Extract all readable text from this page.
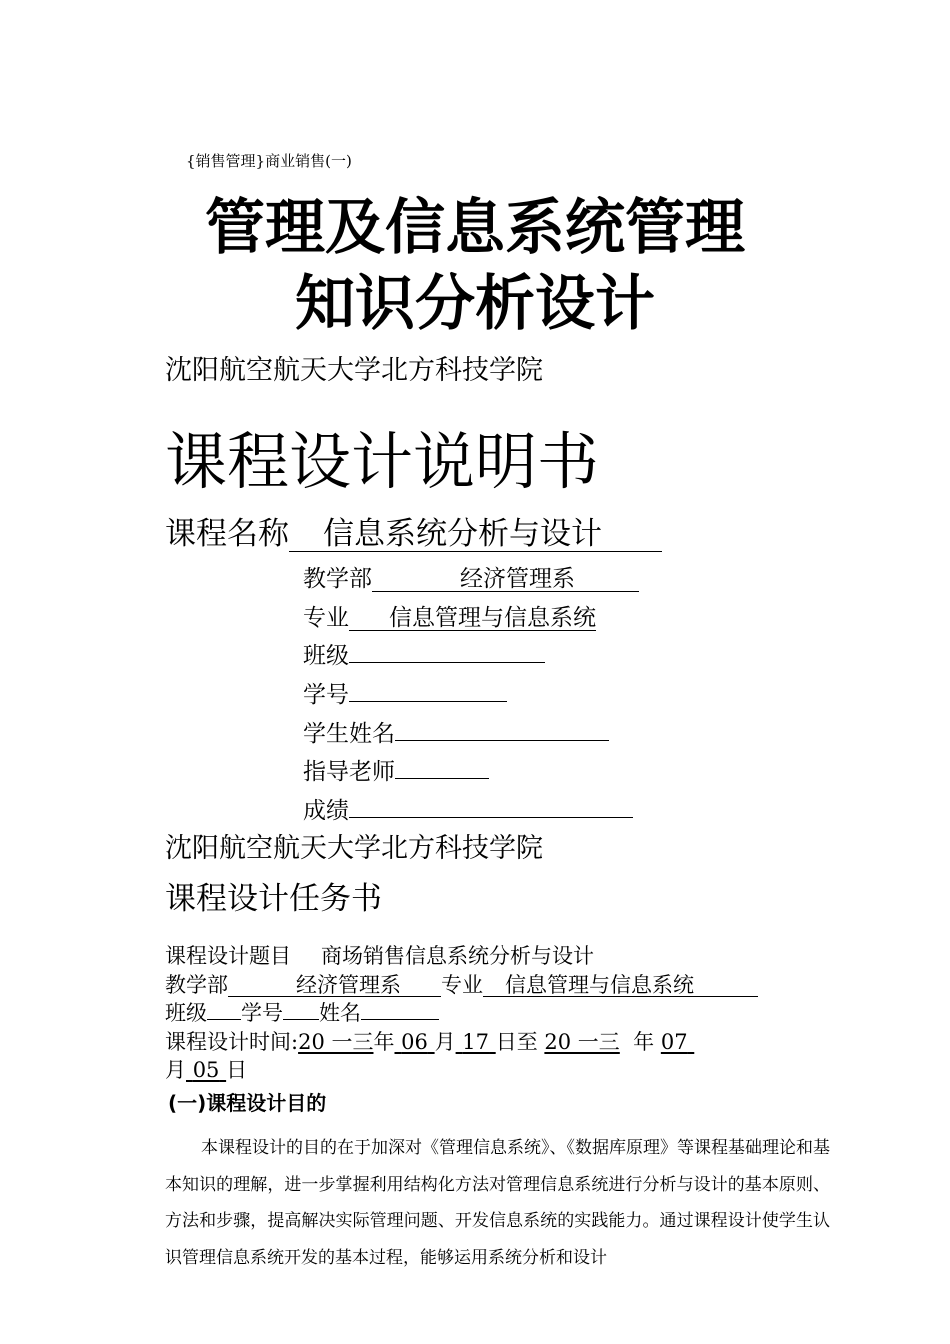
{销售管理}商业销售(一)
管理及信息系统管理
知识分析设计
沈阳航空航天大学北方科技学院
课程设计说明书
课程名称 信息系统分析与设计
教学部	经济管理系
专业 信息管理与信息系统
班级
学号
学生姓名
指导老师
成绩
沈阳航空航天大学北方科技学院
课程设计任务书
课程设计题目 商场销售信息系统分析与设计
教学部	经济管理系 专业 信息管理与信息系统
班级 学号 姓名
课程设计时间:20 一三年 06 月 17 日至 20 一三 年 07
月 05 日
(一)课程设计目的
本课程设计的目的在于加深对《管理信息系统》、《数据库原理》等课程基础理论和基本知识的理解，进一步掌握利用结构化方法对管理信息系统进行分析与设计的基本原则、方法和步骤，提高解决实际管理问题、开发信息系统的实践能力。通过课程设计使学生认识管理信息系统开发的基本过程，能够运用系统分析和设计
